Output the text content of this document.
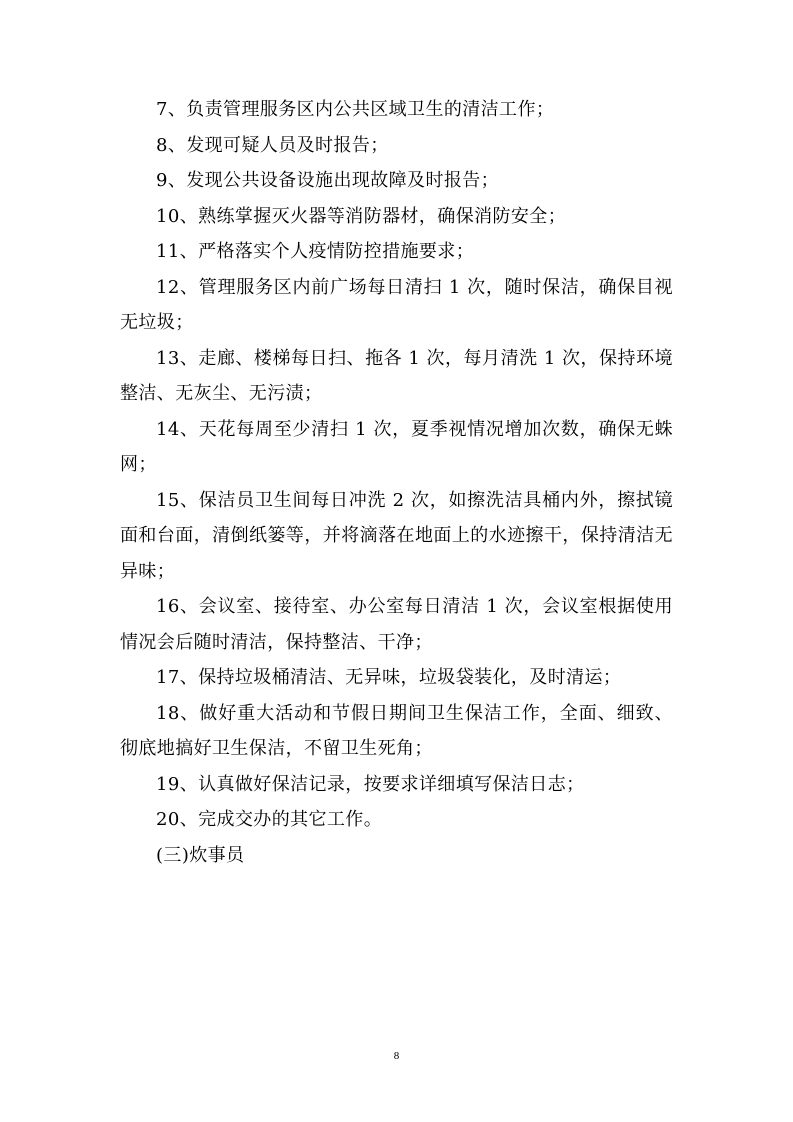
7、负责管理服务区内公共区域卫生的清洁工作；

8、发现可疑人员及时报告；

9、发现公共设备设施出现故障及时报告；

10、熟练掌握灭火器等消防器材，确保消防安全；

11、严格落实个人疫情防控措施要求；

12、管理服务区内前广场每日清扫 1 次，随时保洁，确保目视无垃圾；

13、走廊、楼梯每日扫、拖各 1 次，每月清洗 1 次，保持环境整洁、无灰尘、无污渍；

14、天花每周至少清扫 1 次，夏季视情况增加次数，确保无蛛网；

15、保洁员卫生间每日冲洗 2 次，如擦洗洁具桶内外，擦拭镜面和台面，清倒纸篓等，并将滴落在地面上的水迹擦干，保持清洁无异味；

16、会议室、接待室、办公室每日清洁 1 次，会议室根据使用情况会后随时清洁，保持整洁、干净；

17、保持垃圾桶清洁、无异味，垃圾袋装化，及时清运；

18、做好重大活动和节假日期间卫生保洁工作，全面、细致、彻底地搞好卫生保洁，不留卫生死角；

19、认真做好保洁记录，按要求详细填写保洁日志；

20、完成交办的其它工作。

(三)炊事员

8
